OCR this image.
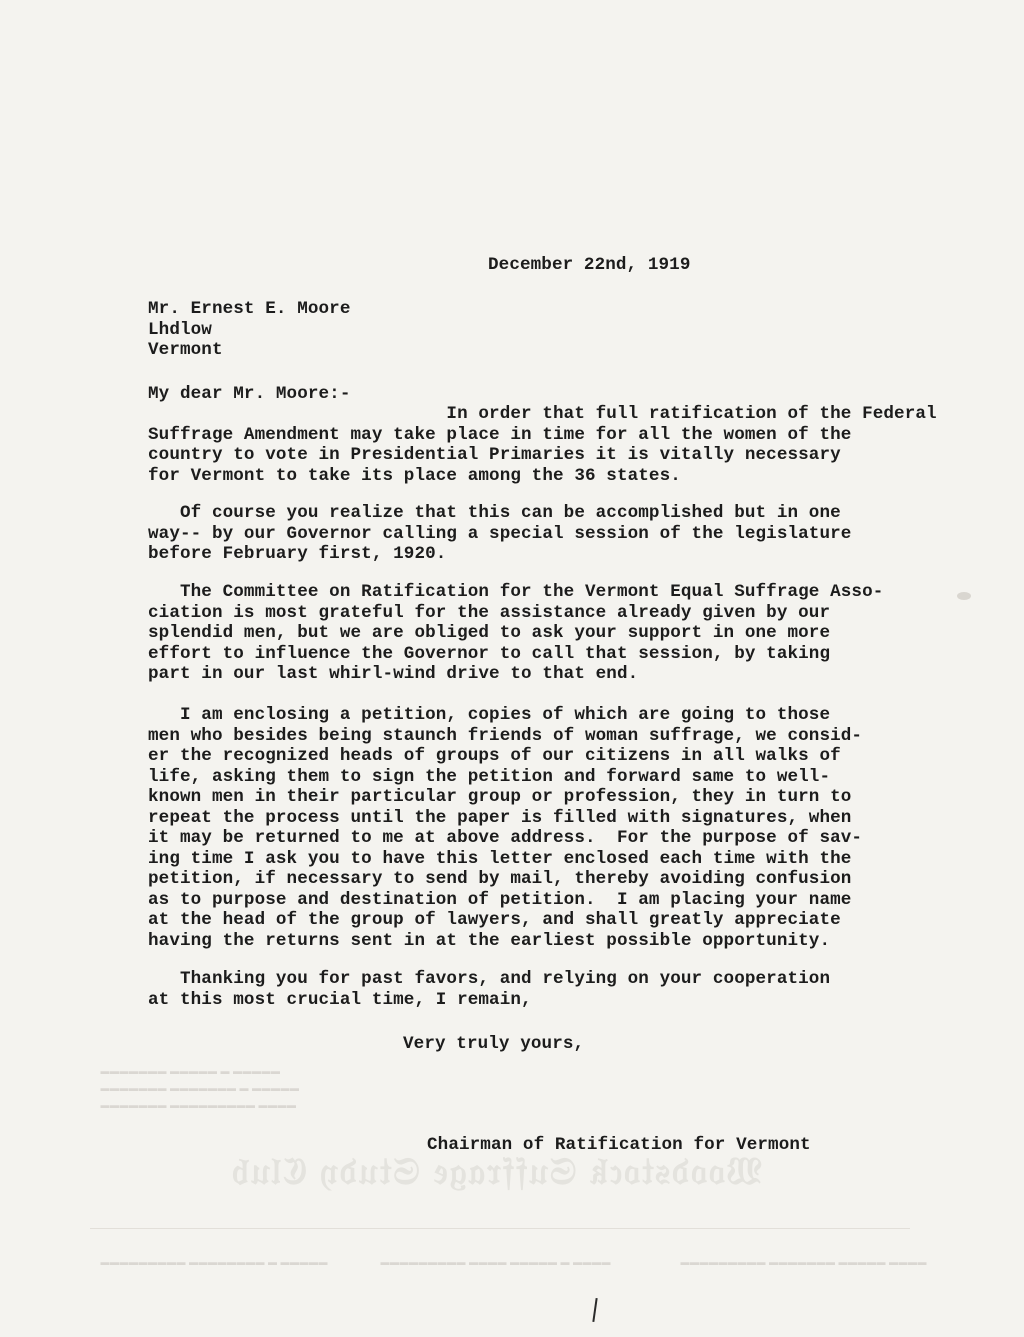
𝔚𝔬𝔬𝔡𝔰𝔱𝔬𝔠𝔨 𝔖𝔲𝔣𝔣𝔯𝔞𝔤𝔢 𝔖𝔱𝔲𝔡𝔶 ℭ𝔩𝔲𝔟
▬▬▬▬▬ ▬ ▬▬▬▬▬ ▬▬▬▬▬▬▬
▬▬▬▬▬ ▬ ▬▬▬▬▬▬▬ ▬▬▬▬▬▬▬
▬▬▬▬ ▬▬▬▬▬▬▬▬▬ ▬▬▬▬▬▬▬
▬▬▬▬▬ ▬ ▬▬▬▬▬▬▬▬ ▬▬▬▬▬▬▬▬▬	▬▬▬▬ ▬ ▬▬▬▬▬ ▬▬▬▬ ▬▬▬▬▬▬▬▬▬	▬▬▬▬ ▬▬▬▬▬ ▬▬▬▬▬▬▬ ▬▬▬▬▬▬▬▬▬
December 22nd, 1919
Mr. Ernest E. Moore
Lhdlow
Vermont
My dear Mr. Moore:-
In order that full ratification of the Federal
Suffrage Amendment may take place in time for all the women of the
country to vote in Presidential Primaries it is vitally necessary
for Vermont to take its place among the 36 states.
Of course you realize that this can be accomplished but in one
way-- by our Governor calling a special session of the legislature
before February first, 1920.
The Committee on Ratification for the Vermont Equal Suffrage Asso-
ciation is most grateful for the assistance already given by our
splendid men, but we are obliged to ask your support in one more
effort to influence the Governor to call that session, by taking
part in our last whirl-wind drive to that end.
I am enclosing a petition, copies of which are going to those
men who besides being staunch friends of woman suffrage, we consid-
er the recognized heads of groups of our citizens in all walks of
life, asking them to sign the petition and forward same to well-
known men in their particular group or profession, they in turn to
repeat the process until the paper is filled with signatures, when
it may be returned to me at above address.  For the purpose of sav-
ing time I ask you to have this letter enclosed each time with the
petition, if necessary to send by mail, thereby avoiding confusion
as to purpose and destination of petition.  I am placing your name
at the head of the group of lawyers, and shall greatly appreciate
having the returns sent in at the earliest possible opportunity.
Thanking you for past favors, and relying on your cooperation
at this most crucial time, I remain,
Very truly yours,
Chairman of Ratification for Vermont
